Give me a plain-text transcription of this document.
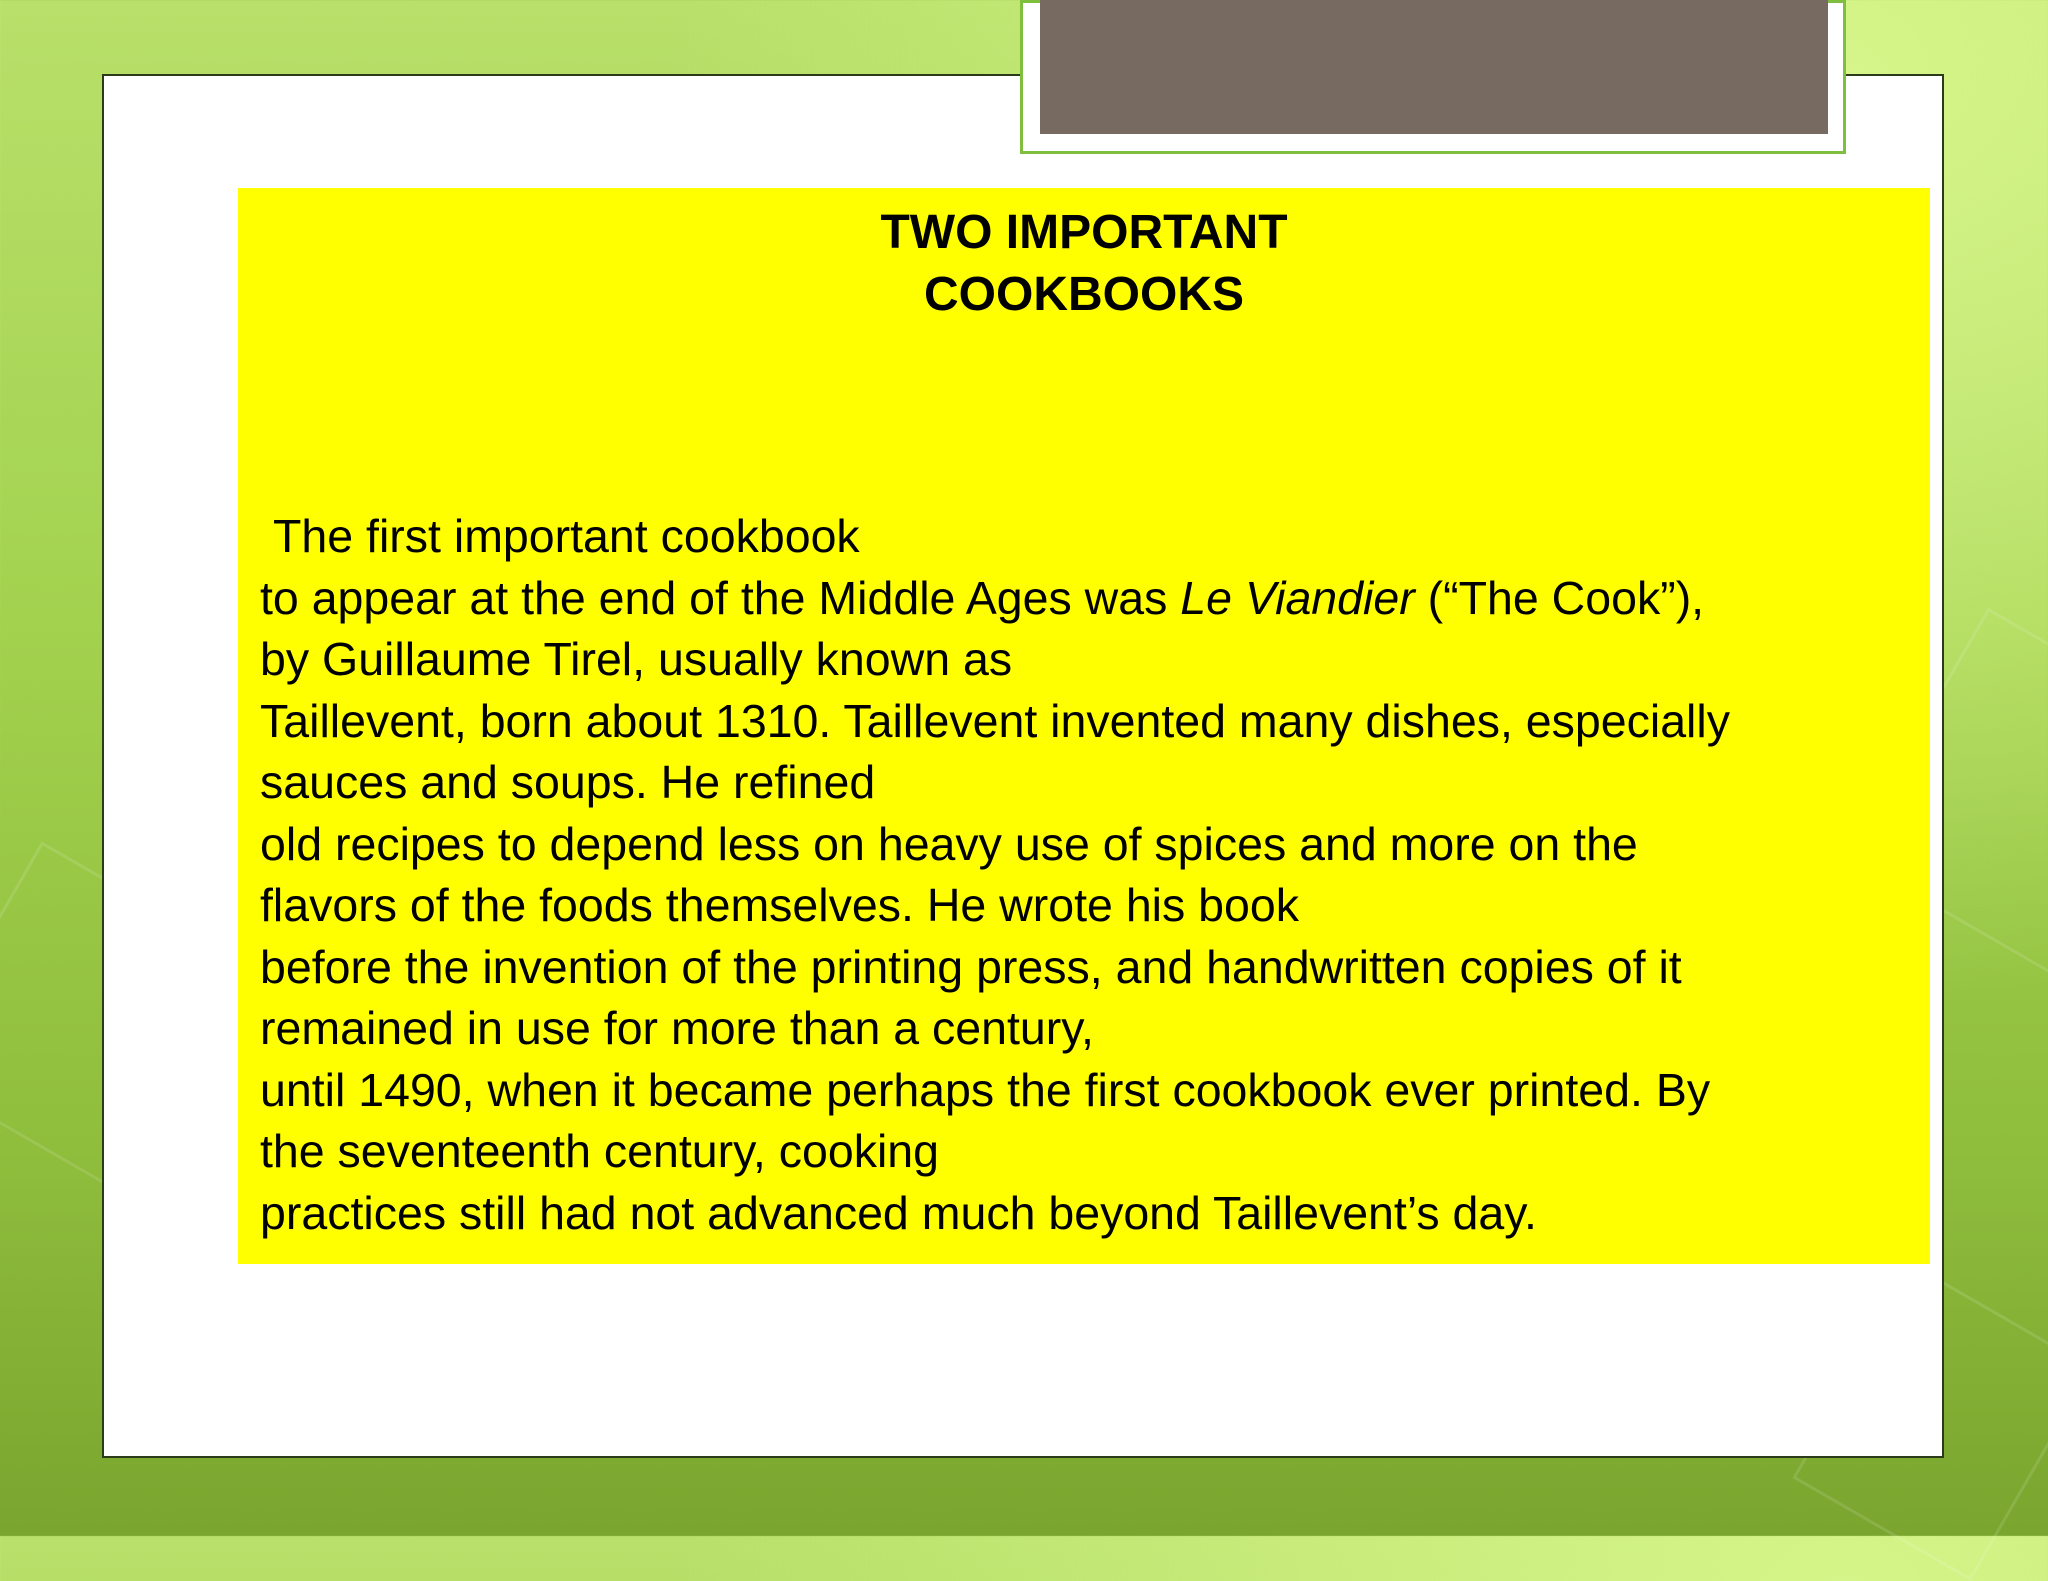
TWO IMPORTANT
COOKBOOKS
The first important cookbook
to appear at the end of the Middle Ages was Le Viandier (“The Cook”),
by Guillaume Tirel, usually known as
Taillevent, born about 1310. Taillevent invented many dishes, especially
sauces and soups. He refined
old recipes to depend less on heavy use of spices and more on the
flavors of the foods themselves. He wrote his book
before the invention of the printing press, and handwritten copies of it
remained in use for more than a century,
until 1490, when it became perhaps the first cookbook ever printed. By
the seventeenth century, cooking
practices still had not advanced much beyond Taillevent’s day.
